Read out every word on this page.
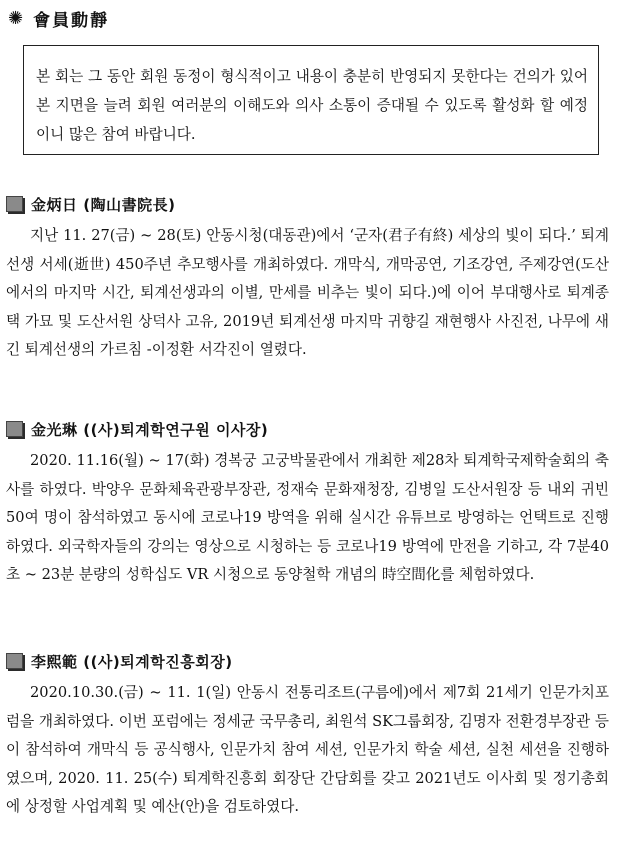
✺ 會員動靜

본 회는 그 동안 회원 동정이 형식적이고 내용이 충분히 반영되지 못한다는 건의가 있어 본 지면을 늘려 회원 여러분의 이해도와 의사 소통이 증대될 수 있도록 활성화 할 예정이니 많은 참여 바랍니다.

金炳日 (陶山書院長)

지난 11. 27(금) ~ 28(토) 안동시청(대동관)에서 ‘군자(君子有終) 세상의 빛이 되다.’ 퇴계선생 서세(逝世) 450주년 추모행사를 개최하였다. 개막식, 개막공연, 기조강연, 주제강연(도산에서의 마지막 시간, 퇴계선생과의 이별, 만세를 비추는 빛이 되다.)에 이어 부대행사로 퇴계종택 가묘 및 도산서원 상덕사 고유, 2019년 퇴계선생 마지막 귀향길 재현행사 사진전, 나무에 새긴 퇴계선생의 가르침 -이정환 서각진이 열렸다.

金光琳 ((사)퇴계학연구원 이사장)

2020. 11.16(월) ~ 17(화) 경복궁 고궁박물관에서 개최한 제28차 퇴계학국제학술회의 축사를 하였다. 박양우 문화체육관광부장관, 정재숙 문화재청장, 김병일 도산서원장 등 내외 귀빈 50여 명이 참석하였고 동시에 코로나19 방역을 위해 실시간 유튜브로 방영하는 언택트로 진행하였다. 외국학자들의 강의는 영상으로 시청하는 등 코로나19 방역에 만전을 기하고, 각 7분40초 ~ 23분 분량의 성학십도 VR 시청으로 동양철학 개념의 時空間化를 체험하였다.

李熙範 ((사)퇴계학진흥회장)

2020.10.30.(금) ~ 11. 1(일) 안동시 전통리조트(구름에)에서 제7회 21세기 인문가치포럼을 개최하였다. 이번 포럼에는 정세균 국무총리, 최원석 SK그룹회장, 김명자 전환경부장관 등이 참석하여 개막식 등 공식행사, 인문가치 참여 세션, 인문가치 학술 세션, 실천 세션을 진행하였으며, 2020. 11. 25(수) 퇴계학진흥회 회장단 간담회를 갖고 2021년도 이사회 및 정기총회에 상정할 사업계획 및 예산(안)을 검토하였다.
